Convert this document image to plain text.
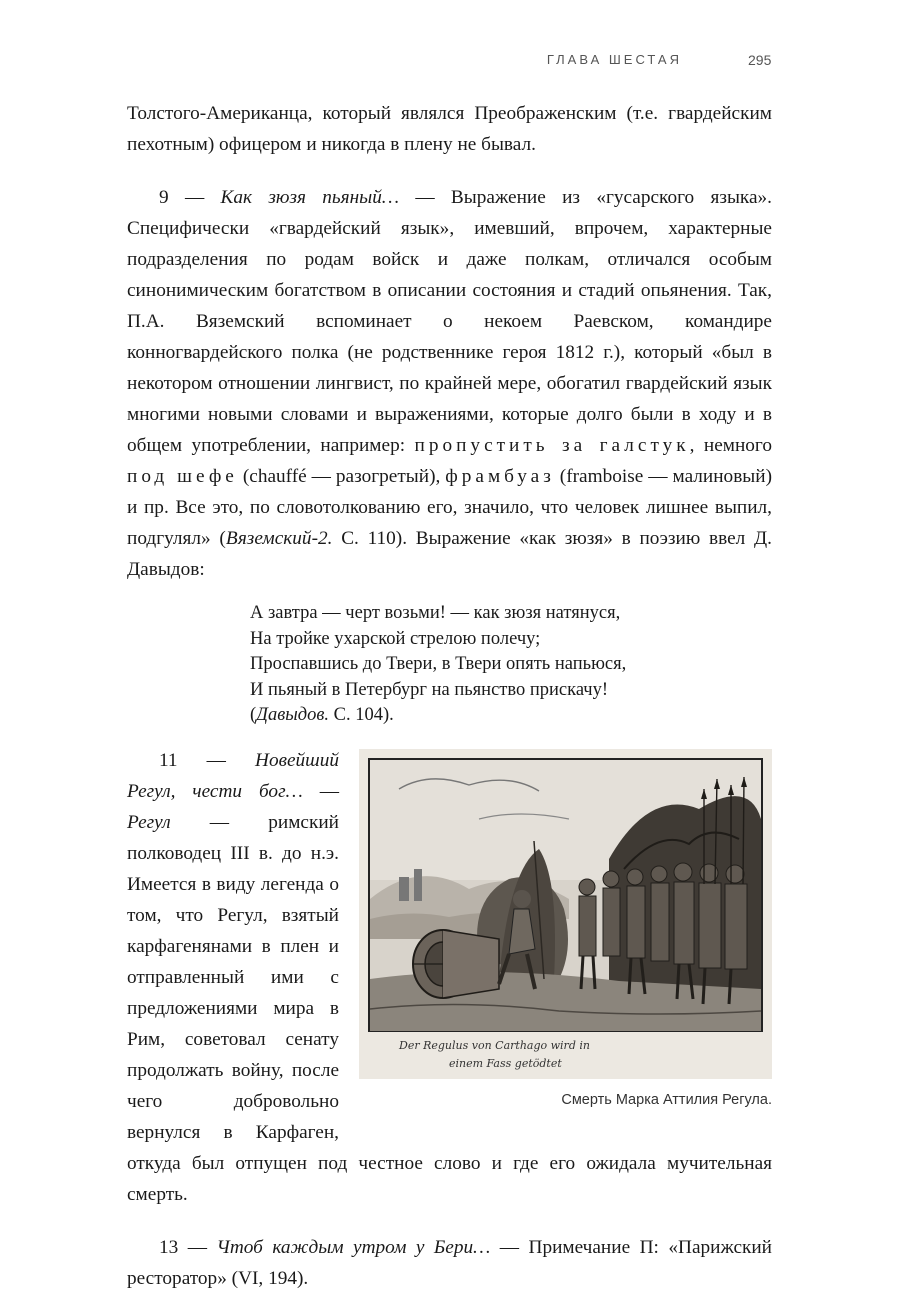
ГЛАВА ШЕСТАЯ	295

Толстого-Американца, который являлся Преображенским (т.е. гвардейским пехотным) офицером и никогда в плену не бывал.

9 — Как зюзя пьяный… — Выражение из «гусарского языка». Специфически «гвардейский язык», имевший, впрочем, характерные подразделения по родам войск и даже полкам, отличался особым синонимическим богатством в описании состояния и стадий опьянения. Так, П.А. Вяземский вспоминает о некоем Раевском, командире конногвардейского полка (не родственнике героя 1812 г.), который «был в некотором отношении лингвист, по крайней мере, обогатил гвардейский язык многими новыми словами и выражениями, которые долго были в ходу и в общем употреблении, например: пропустить за галстук, немного под шефе (chauffé — разогретый), фрамбуаз (framboise — малиновый) и пр. Все это, по словотолкованию его, значило, что человек лишнее выпил, подгулял» (Вяземский-2. С. 110). Выражение «как зюзя» в поэзию ввел Д. Давыдов:

А завтра — черт возьми! — как зюзя натянуся,
На тройке ухарской стрелою полечу;
Проспавшись до Твери, в Твери опять напьюся,
И пьяный в Петербург на пьянство прискачу!
(Давыдов. С. 104).
Der Regulus von Carthago wird in
einem Fass getödtet
Смерть Марка Аттилия Регула.

11 — Новейший Регул, чести бог… — Регул — римский полководец III в. до н.э. Имеется в виду легенда о том, что Регул, взятый карфагенянами в плен и отправленный ими с предложениями мира в Рим, советовал сенату продолжать войну, после чего добровольно вернулся в Карфаген, откуда был отпущен под честное слово и где его ожидала мучительная смерть.

13 — Чтоб каждым утром у Бери… — Примечание П: «Парижский ресторатор» (VI, 194).
